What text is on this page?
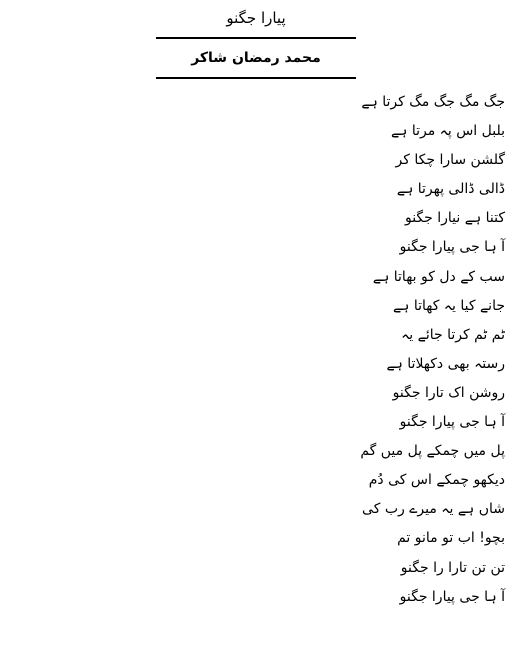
پیارا جگنو
محمد رمضان شاکر
جگ مگ جگ مگ کرتا ہے
بلبل اس پہ مرتا ہے
گلشن سارا چکا کر
ڈالی ڈالی پھرتا ہے
کتنا ہے نیارا جگنو
آ ہا جی پیارا جگنو
سب کے دل کو بھاتا ہے
جانے کیا یہ کھاتا ہے
ٹم ٹم کرتا جائے یہ
رستہ بھی دکھلاتا ہے
روشن اک تارا جگنو
آ ہا جی پیارا جگنو
پل میں چمکے پل میں گم
دیکھو چمکے اس کی دُم
شاں ہے یہ میرے رب کی
بچو! اب تو مانو تم
تن تن تارا را جگنو
آ ہا جی پیارا جگنو
